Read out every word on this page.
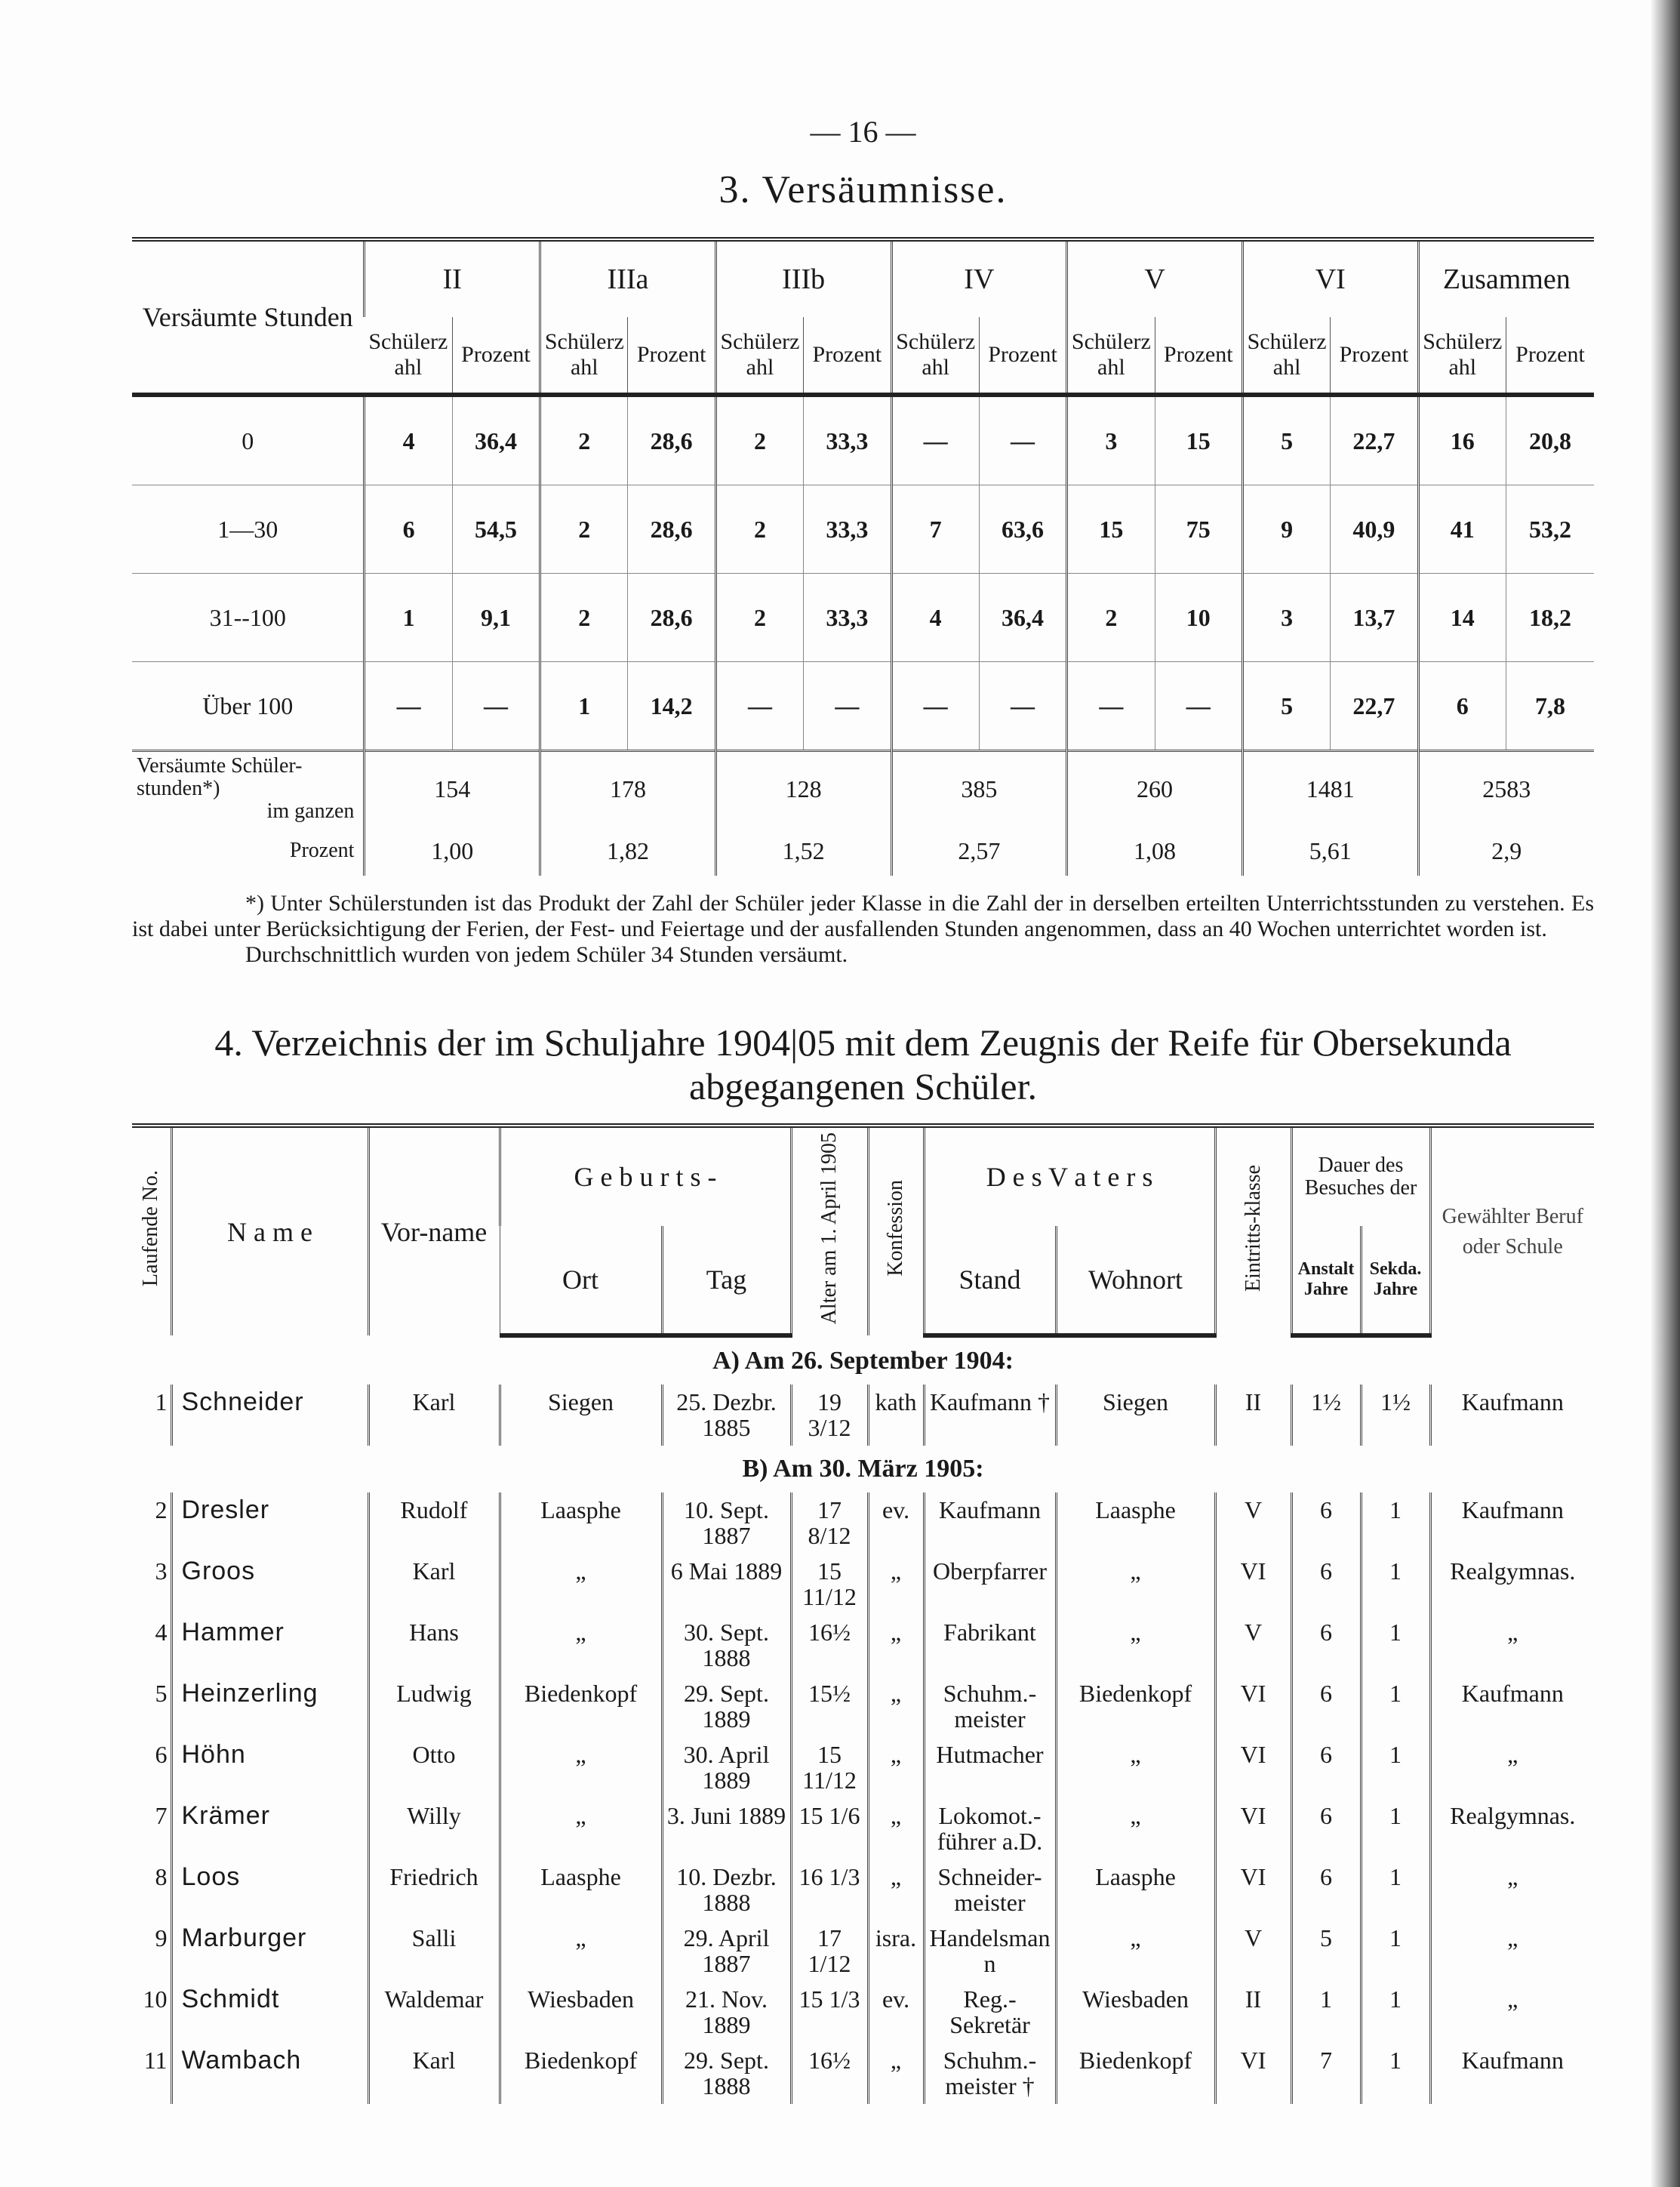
— 16 —
3. Versäumnisse.
Versäumte Stunden	II		IIIa		IIIb		IV		V		VI		Zusammen	
	Schülerzahl	Prozent	Schülerzahl	Prozent	Schülerzahl	Prozent	Schülerzahl	Prozent	Schülerzahl	Prozent	Schülerzahl	Prozent	Schülerzahl	Prozent
0	4	36,4	2	28,6	2	33,3	—	—	3	15	5	22,7	16	20,8
1—30	6	54,5	2	28,6	2	33,3	7	63,6	15	75	9	40,9	41	53,2
31--100	1	9,1	2	28,6	2	33,3	4	36,4	2	10	3	13,7	14	18,2
Über 100	—	—	1	14,2	—	—	—	—	—	—	5	22,7	6	7,8

Versäumte Schüler-stunden*)
im ganzen	154		178		128		385		260		1481		2583	

Prozent	1,00		1,82		1,52		2,57		1,08		5,61		2,9	

*) Unter Schülerstunden ist das Produkt der Zahl der Schüler jeder Klasse in die Zahl der in derselben erteilten Unterrichtsstunden zu verstehen. Es ist dabei unter Berücksichtigung der Ferien, der Fest- und Feiertage und der ausfallenden Stunden angenommen, dass an 40 Wochen unterrichtet worden ist.

Durchschnittlich wurden von jedem Schüler 34 Stunden versäumt.

4. Verzeichnis der im Schuljahre 1904|05 mit dem Zeugnis der Reife für Obersekunda abgegangenen Schüler.
Laufende No.	N a m e	Vor-name	G e b u r t s -		Alter am 1. April 1905	Konfession	D e s V a t e r s		Eintritts-klasse	Dauer des Besuches der		Gewählter Beruf oder Schule
			Ort	Tag			Stand	Wohnort		Anstalt Jahre	Sekda. Jahre	
A) Am 26. September 1904:												
1	Schneider	Karl	Siegen	25. Dezbr. 1885	19 3/12	kath	Kaufmann †	Siegen	II	1½	1½	Kaufmann
B) Am 30. März 1905:												
2	Dresler	Rudolf	Laasphe	10. Sept. 1887	17 8/12	ev.	Kaufmann	Laasphe	V	6	1	Kaufmann
3	Groos	Karl	„	6 Mai 1889	15 11/12	„	Oberpfarrer	„	VI	6	1	Realgymnas.
4	Hammer	Hans	„	30. Sept. 1888	16½	„	Fabrikant	„	V	6	1	„
5	Heinzerling	Ludwig	Biedenkopf	29. Sept. 1889	15½	„	Schuhm.-meister	Biedenkopf	VI	6	1	Kaufmann
6	Höhn	Otto	„	30. April 1889	15 11/12	„	Hutmacher	„	VI	6	1	„
7	Krämer	Willy	„	3. Juni 1889	15 1/6	„	Lokomot.-führer a.D.	„	VI	6	1	Realgymnas.
8	Loos	Friedrich	Laasphe	10. Dezbr. 1888	16 1/3	„	Schneider-meister	Laasphe	VI	6	1	„
9	Marburger	Salli	„	29. April 1887	17 1/12	isra.	Handelsmann	„	V	5	1	„
10	Schmidt	Waldemar	Wiesbaden	21. Nov. 1889	15 1/3	ev.	Reg.-Sekretär	Wiesbaden	II	1	1	„
11	Wambach	Karl	Biedenkopf	29. Sept. 1888	16½	„	Schuhm.-meister †	Biedenkopf	VI	7	1	Kaufmann
